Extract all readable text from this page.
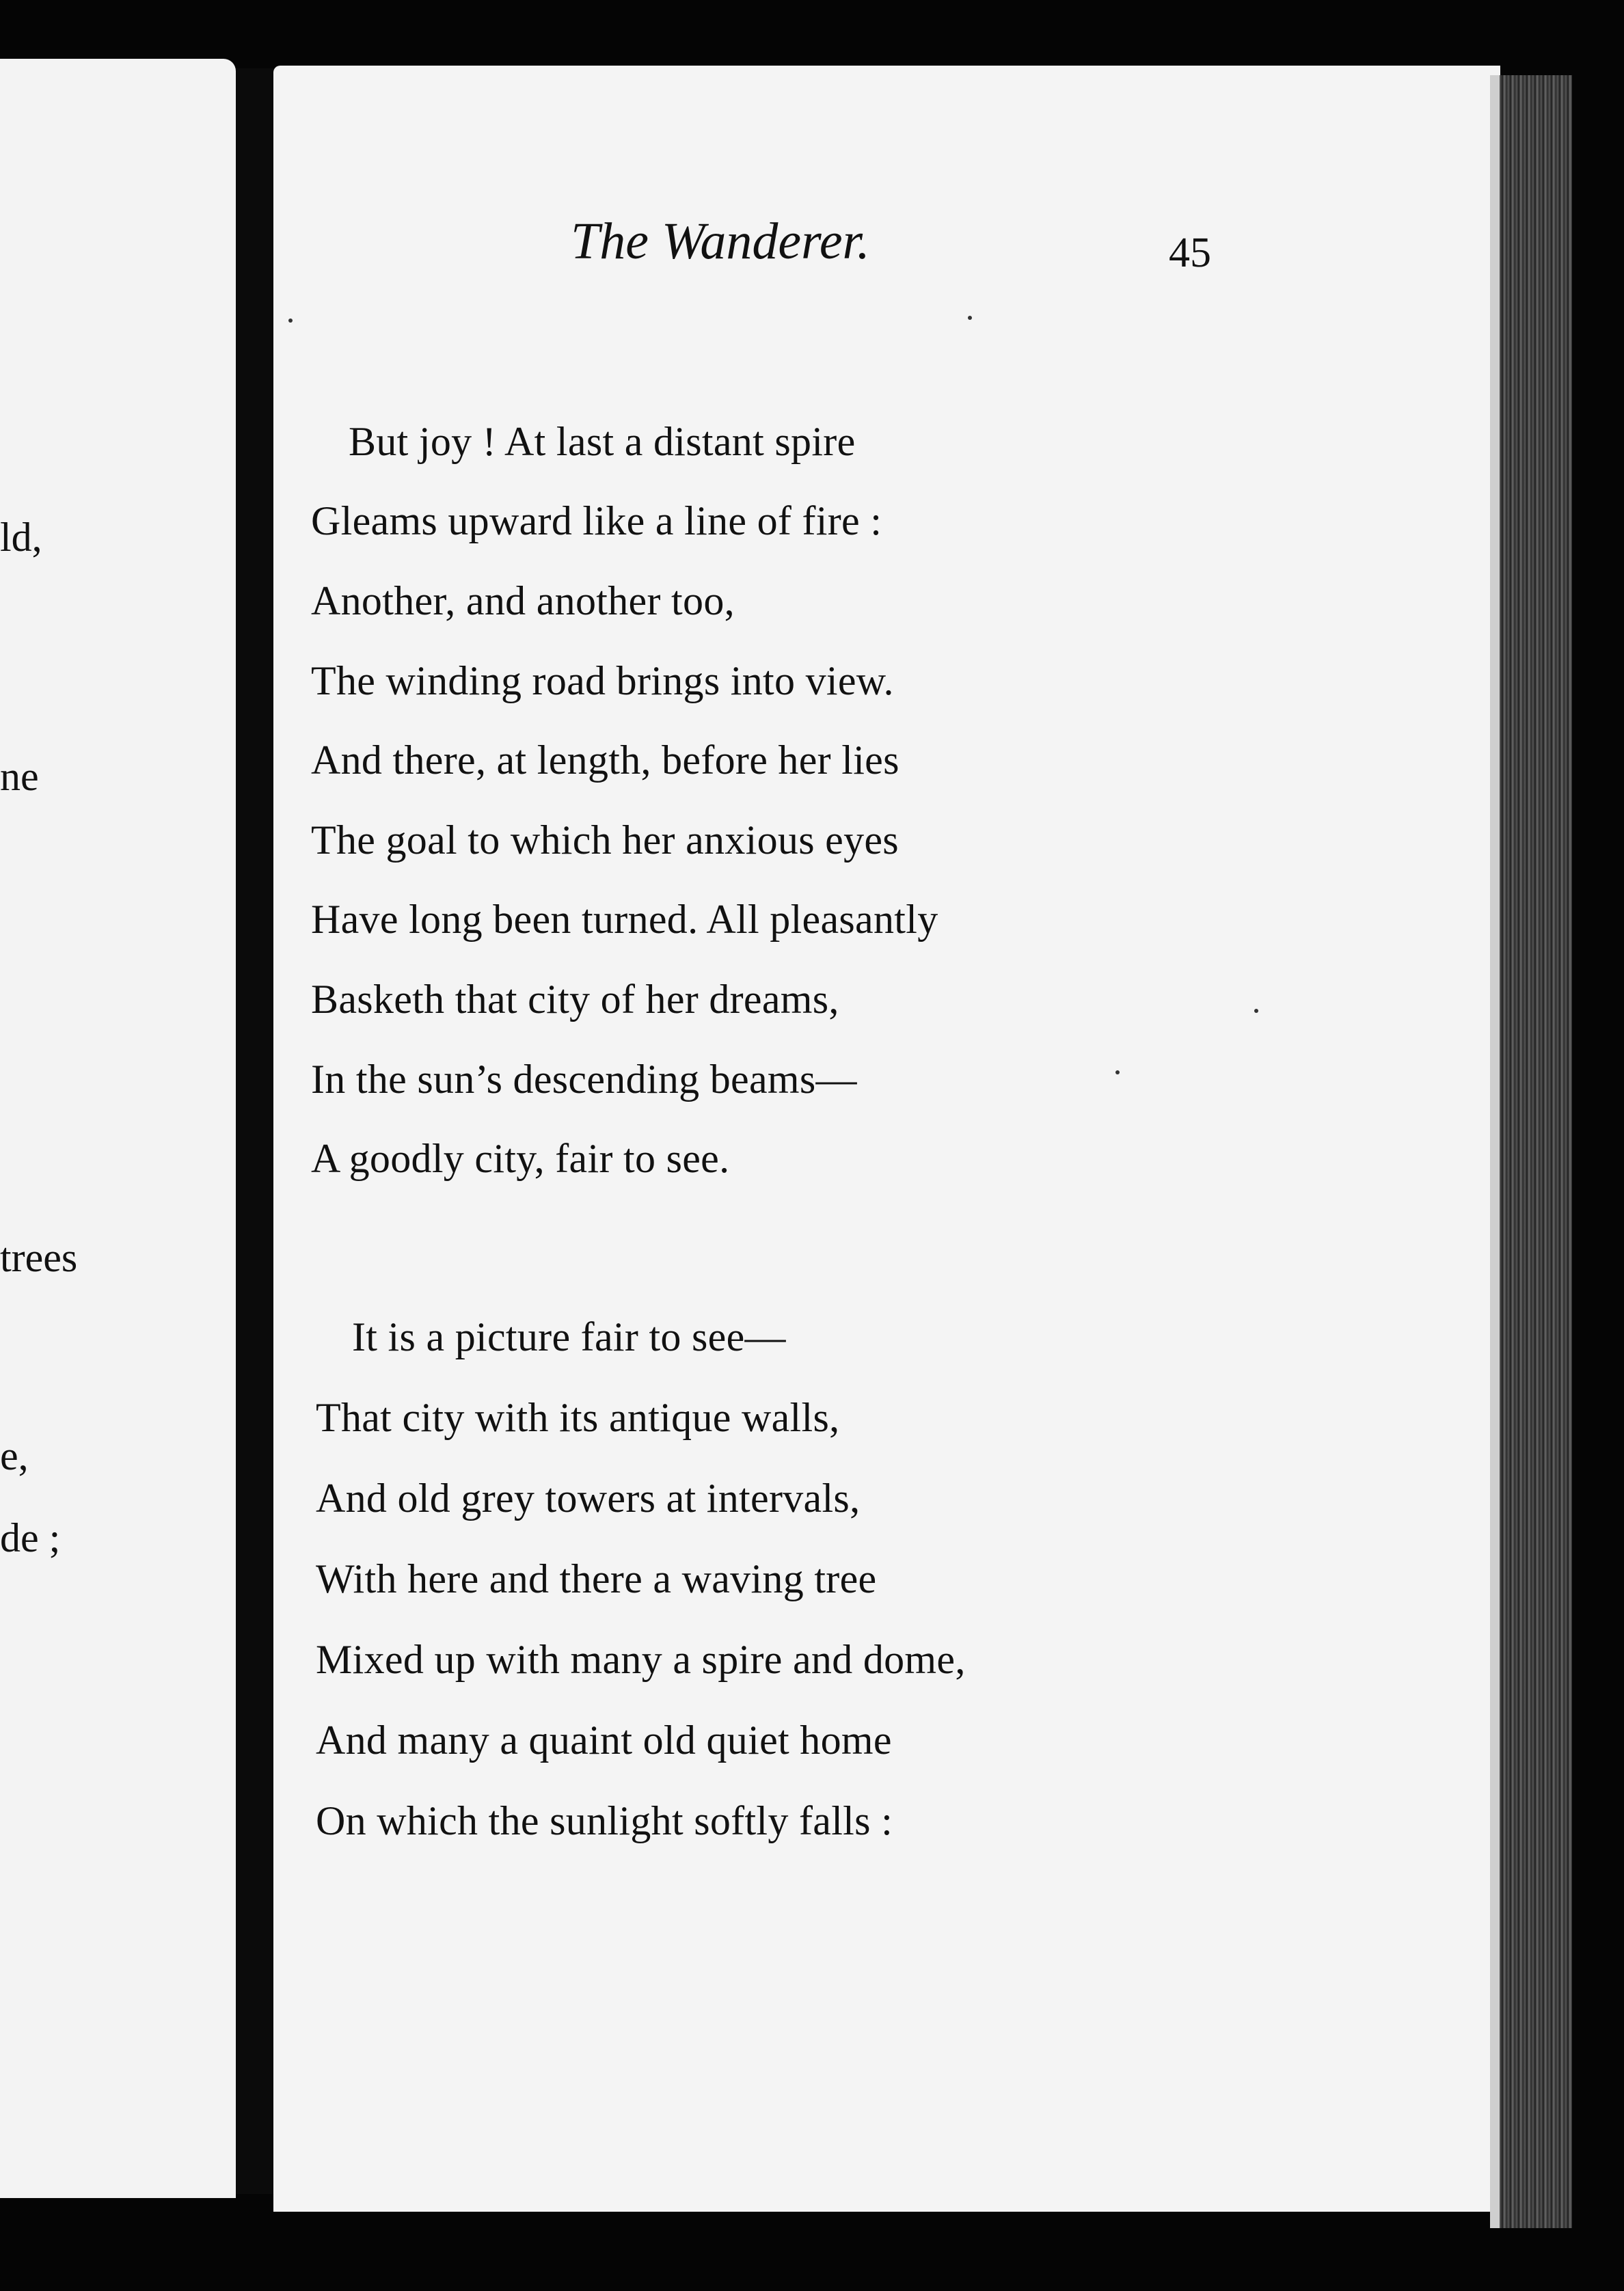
ld,
ne
trees
e,
de ;
The Wanderer.	45
But joy ! At last a distant spire
Gleams upward like a line of fire :
Another, and another too,
The winding road brings into view.
And there, at length, before her lies
The goal to which her anxious eyes
Have long been turned. All pleasantly
Basketh that city of her dreams,
In the sun’s descending beams—
A goodly city, fair to see.
It is a picture fair to see—
That city with its antique walls,
And old grey towers at intervals,
With here and there a waving tree
Mixed up with many a spire and dome,
And many a quaint old quiet home
On which the sunlight softly falls :
